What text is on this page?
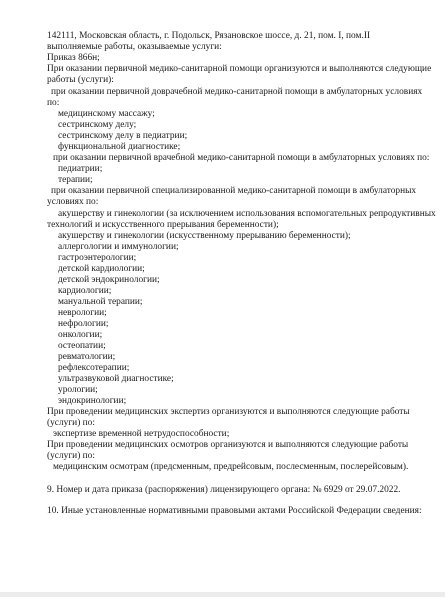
142111, Московская область, г. Подольск, Рязановское шоссе, д. 21, пом. I, пом.II

выполняемые работы, оказываемые услуги:

Приказ 866н;

При оказании первичной медико-санитарной помощи организуются и выполняются следующие

работы (услуги):

при оказании первичной доврачебной медико-санитарной помощи в амбулаторных условиях

по:

медицинскому массажу;

сестринскому делу;

сестринскому делу в педиатрии;

функциональной диагностике;

при оказании первичной врачебной медико-санитарной помощи в амбулаторных условиях по:

педиатрии;

терапии;

при оказании первичной специализированной медико-санитарной помощи в амбулаторных

условиях по:

акушерству и гинекологии (за исключением использования вспомогательных репродуктивных

технологий и искусственного прерывания беременности);

акушерству и гинекологии (искусственному прерыванию беременности);

аллергологии и иммунологии;

гастроэнтерологии;

детской кардиологии;

детской эндокринологии;

кардиологии;

мануальной терапии;

неврологии;

нефрологии;

онкологии;

остеопатии;

ревматологии;

рефлексотерапии;

ультразвуковой диагностике;

урологии;

эндокринологии;

При проведении медицинских экспертиз организуются и выполняются следующие работы

(услуги) по:

экспертизе временной нетрудоспособности;

При проведении медицинских осмотров организуются и выполняются следующие работы

(услуги) по:

медицинским осмотрам (предсменным, предрейсовым, послесменным, послерейсовым).

9. Номер и дата приказа (распоряжения) лицензирующего органа: № 6929 от 29.07.2022.

10. Иные установленные нормативными правовыми актами Российской Федерации сведения:
